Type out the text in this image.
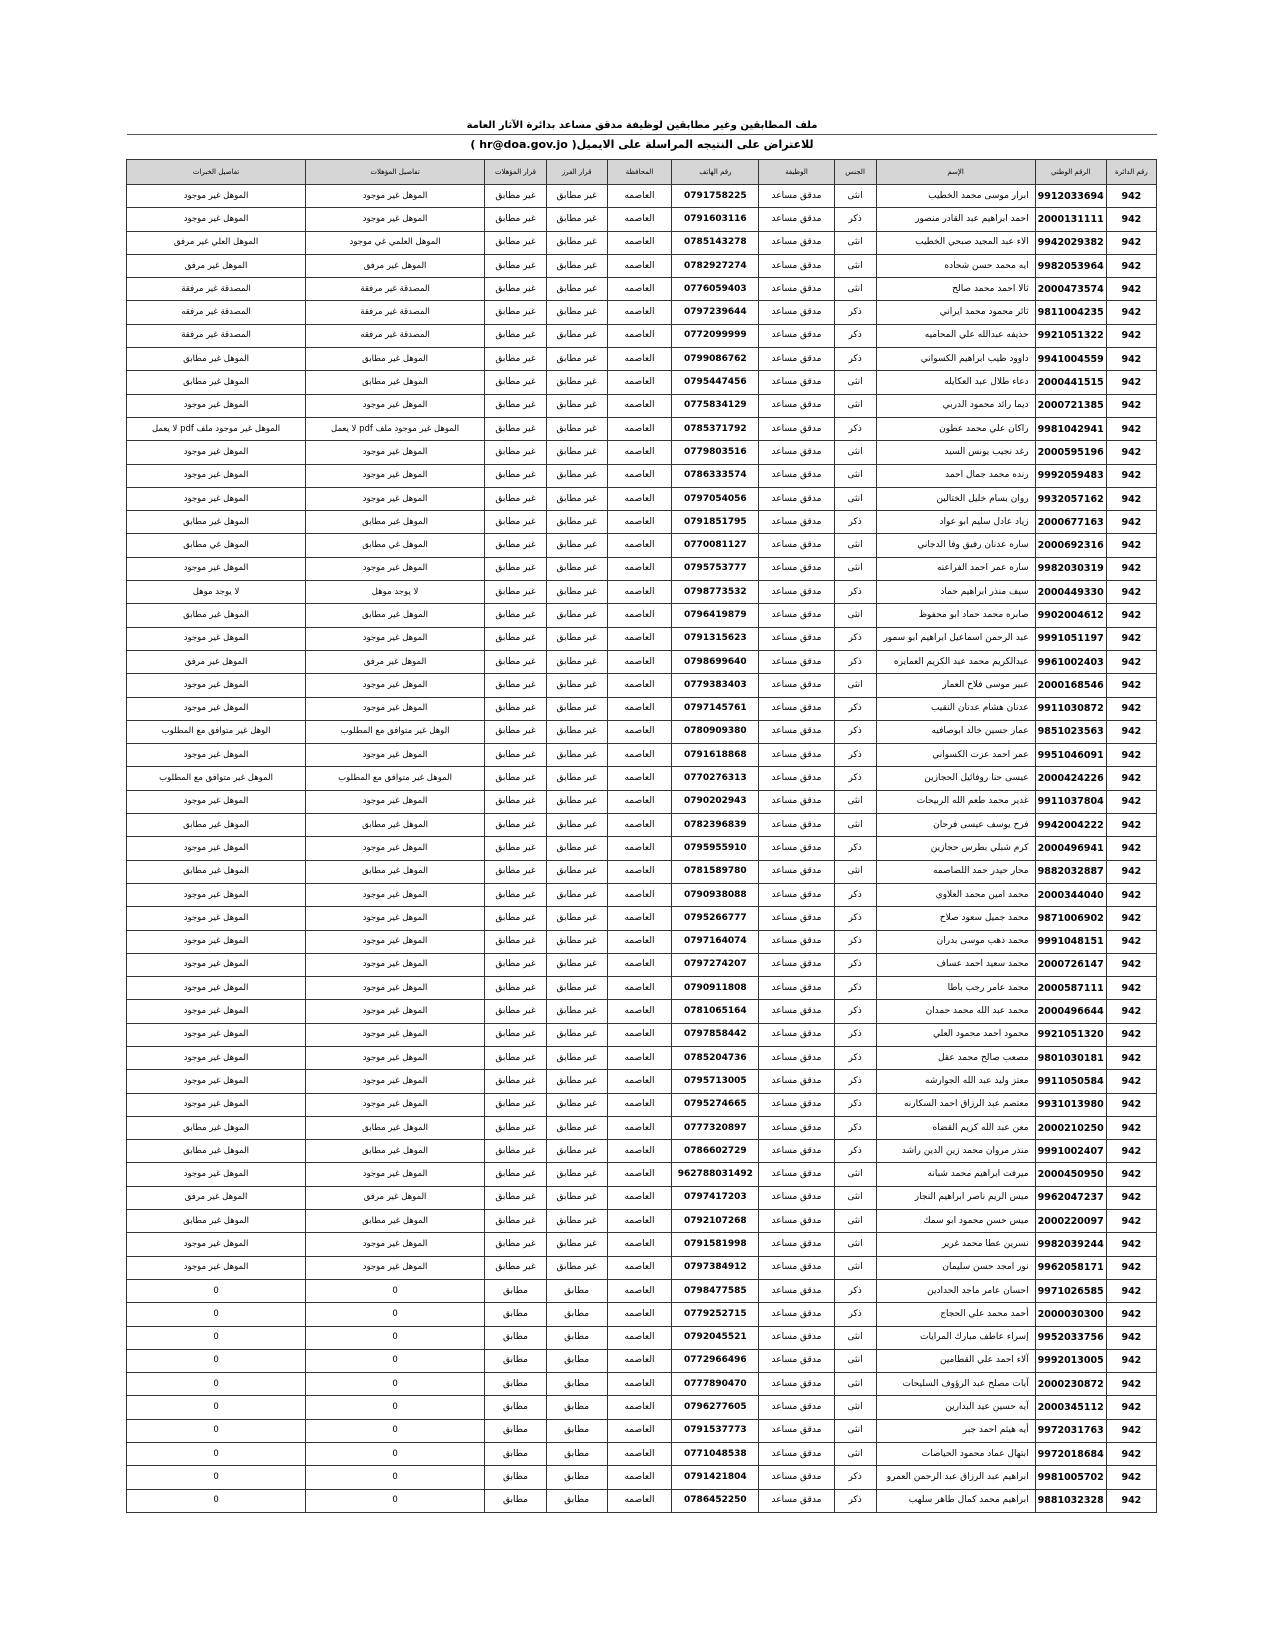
ملف المطابقين وغير مطابقين لوظيفة مدقق مساعد بدائرة الآثار العامة
للاعتراض على النتيجه المراسلة على الايميل( hr@doa.gov.jo )
رقم الدائرة	الرقم الوطني	الإسم	الجنس	الوظيفة	رقم الهاتف	المحافظة	قرار الفرز	قرار المؤهلات	تفاصيل المؤهلات	تفاصيل الخبرات
942	9912033694	ابرار موسى محمد الخطيب	انثى	مدقق مساعد	0791758225	العاصمه	غير مطابق	غير مطابق	الموهل غير موجود	الموهل غير موجود
942	2000131111	احمد ابراهيم عبد القادر منصور	ذكر	مدقق مساعد	0791603116	العاصمه	غير مطابق	غير مطابق	الموهل غير موجود	الموهل غير موجود
942	9942029382	الاء عبد المجيد صبحي الخطيب	انثى	مدقق مساعد	0785143278	العاصمه	غير مطابق	غير مطابق	الموهل العلمي غي موجود	الموهل العلي غير مرفق
942	9982053964	ايه محمد حسن شحاده	انثى	مدقق مساعد	0782927274	العاصمه	غير مطابق	غير مطابق	الموهل غير مرفق	الموهل غير مرفق
942	2000473574	ثالا احمد محمد صالح	انثى	مدقق مساعد	0776059403	العاصمه	غير مطابق	غير مطابق	المصدقة غير مرفقة	المصدقة غير مرفقة
942	9811004235	ثائر محمود محمد ايراني	ذكر	مدقق مساعد	0797239644	العاصمه	غير مطابق	غير مطابق	المصدقة غير مرفقة	المصدقة غير مرفقه
942	9921051322	حذيفه عبدالله علي المحاميه	ذكر	مدقق مساعد	0772099999	العاصمه	غير مطابق	غير مطابق	المصدقة غير مرفقه	المصدقة غير مرفقة
942	9941004559	داوود طيب ابراهيم الكسواني	ذكر	مدقق مساعد	0799086762	العاصمه	غير مطابق	غير مطابق	الموهل غير مطابق	الموهل غير مطابق
942	2000441515	دعاء طلال عبد العكايله	انثى	مدقق مساعد	0795447456	العاصمه	غير مطابق	غير مطابق	الموهل غير مطابق	الموهل غير مطابق
942	2000721385	ديما رائد محمود الدربي	انثى	مدقق مساعد	0775834129	العاصمه	غير مطابق	غير مطابق	الموهل غير موجود	الموهل غير موجود
942	9981042941	راكان علي محمد عطون	ذكر	مدقق مساعد	0785371792	العاصمه	غير مطابق	غير مطابق	الموهل غير موجود ملف pdf لا يعمل	الموهل غير موجود ملف pdf لا يعمل
942	2000595196	رغد نجيب يونس السيد	انثى	مدقق مساعد	0779803516	العاصمه	غير مطابق	غير مطابق	الموهل غير موجود	الموهل غير موجود
942	9992059483	رنده محمد جمال احمد	انثى	مدقق مساعد	0786333574	العاصمه	غير مطابق	غير مطابق	الموهل غير موجود	الموهل غير موجود
942	9932057162	روان بسام خليل الختالين	انثى	مدقق مساعد	0797054056	العاصمه	غير مطابق	غير مطابق	الموهل غير موجود	الموهل غير موجود
942	2000677163	زياد عادل سليم ابو عواد	ذكر	مدقق مساعد	0791851795	العاصمه	غير مطابق	غير مطابق	الموهل غير مطابق	الموهل غير مطابق
942	2000692316	ساره عدنان رفيق وفا الدجاني	انثى	مدقق مساعد	0770081127	العاصمه	غير مطابق	غير مطابق	الموهل غي مطابق	الموهل غي مطابق
942	9982030319	ساره عمر احمد الفراعنه	انثى	مدقق مساعد	0795753777	العاصمه	غير مطابق	غير مطابق	الموهل غير موجود	الموهل غير موجود
942	2000449330	سيف منذر ابراهيم حماد	ذكر	مدقق مساعد	0798773532	العاصمه	غير مطابق	غير مطابق	لا يوجد موهل	لا يوجد موهل
942	9902004612	صابره محمد حماد ابو محفوظ	انثى	مدقق مساعد	0796419879	العاصمه	غير مطابق	غير مطابق	الموهل غير مطابق	الموهل غير مطابق
942	9991051197	عبد الرحمن اسماعيل ابراهيم ابو سمور	ذكر	مدقق مساعد	0791315623	العاصمه	غير مطابق	غير مطابق	الموهل غير موجود	الموهل غير موجود
942	9961002403	عبدالكريم محمد عبد الكريم العمايره	ذكر	مدقق مساعد	0798699640	العاصمه	غير مطابق	غير مطابق	الموهل غير مرفق	الموهل غير مرفق
942	2000168546	عبير موسى فلاح العمار	انثى	مدقق مساعد	0779383403	العاصمه	غير مطابق	غير مطابق	الموهل غير موجود	الموهل غير موجود
942	9911030872	عدنان هشام عدنان النقيب	ذكر	مدقق مساعد	0797145761	العاصمه	غير مطابق	غير مطابق	الموهل غير موجود	الموهل غير موجود
942	9851023563	عمار حسين خالد ابوصافيه	ذكر	مدقق مساعد	0780909380	العاصمه	غير مطابق	غير مطابق	الوهل غير متوافق مع المطلوب	الوهل غير متوافق مع المطلوب
942	9951046091	عمر احمد عزت الكسواني	ذكر	مدقق مساعد	0791618868	العاصمه	غير مطابق	غير مطابق	الموهل غير موجود	الموهل غير موجود
942	2000424226	عيسى حنا روفائيل الحجازين	ذكر	مدقق مساعد	0770276313	العاصمه	غير مطابق	غير مطابق	الموهل غير متوافق مع المطلوب	الموهل غير متوافق مع المطلوب
942	9911037804	غدير محمد طعم الله الربيحات	انثى	مدقق مساعد	0790202943	العاصمه	غير مطابق	غير مطابق	الموهل غير موجود	الموهل غير موجود
942	9942004222	فرح يوسف عيسى فرحان	انثى	مدقق مساعد	0782396839	العاصمه	غير مطابق	غير مطابق	الموهل غير مطابق	الموهل غير مطابق
942	2000496941	كرم شبلي بطرس حجازين	ذكر	مدقق مساعد	0795955910	العاصمه	غير مطابق	غير مطابق	الموهل غير موجود	الموهل غير موجود
942	9882032887	محار حيدر حمد اللصاصمه	انثى	مدقق مساعد	0781589780	العاصمه	غير مطابق	غير مطابق	الموهل غير مطابق	الموهل غير مطابق
942	2000344040	محمد امين محمد العلاوي	ذكر	مدقق مساعد	0790938088	العاصمه	غير مطابق	غير مطابق	الموهل غير موجود	الموهل غير موجود
942	9871006902	محمد جميل سعود صلاح	ذكر	مدقق مساعد	0795266777	العاصمه	غير مطابق	غير مطابق	الموهل غير موجود	الموهل غير موجود
942	9991048151	محمد ذهب موسى بدران	ذكر	مدقق مساعد	0797164074	العاصمه	غير مطابق	غير مطابق	الموهل غير موجود	الموهل غير موجود
942	2000726147	محمد سعيد احمد عساف	ذكر	مدقق مساعد	0797274207	العاصمه	غير مطابق	غير مطابق	الموهل غير موجود	الموهل غير موجود
942	2000587111	محمد عامر رجب باطا	ذكر	مدقق مساعد	0790911808	العاصمه	غير مطابق	غير مطابق	الموهل غير موجود	الموهل غير موجود
942	2000496644	محمد عبد الله محمد حمدان	ذكر	مدقق مساعد	0781065164	العاصمه	غير مطابق	غير مطابق	الموهل غير موجود	الموهل غير موجود
942	9921051320	محمود احمد محمود العلي	ذكر	مدقق مساعد	0797858442	العاصمه	غير مطابق	غير مطابق	الموهل غير موجود	الموهل غير موجود
942	9801030181	مصعب صالح محمد عقل	ذكر	مدقق مساعد	0785204736	العاصمه	غير مطابق	غير مطابق	الموهل غير موجود	الموهل غير موجود
942	9911050584	معتز وليد عبد الله الجوارشه	ذكر	مدقق مساعد	0795713005	العاصمه	غير مطابق	غير مطابق	الموهل غير موجود	الموهل غير موجود
942	9931013980	معتصم عبد الرزاق احمد السكارنه	ذكر	مدقق مساعد	0795274665	العاصمه	غير مطابق	غير مطابق	الموهل غير موجود	الموهل غير موجود
942	2000210250	معن عبد الله كريم القضاه	ذكر	مدقق مساعد	0777320897	العاصمه	غير مطابق	غير مطابق	الموهل غير مطابق	الموهل غير مطابق
942	9991002407	منذر مروان محمد زين الدين راشد	ذكر	مدقق مساعد	0786602729	العاصمه	غير مطابق	غير مطابق	الموهل غير مطابق	الموهل غير مطابق
942	2000450950	ميرفت ابراهيم محمد شبانه	انثى	مدقق مساعد	962788031492	العاصمه	غير مطابق	غير مطابق	الموهل غير موجود	الموهل غير موجود
942	9962047237	ميس الريم ناصر ابراهيم النجار	انثى	مدقق مساعد	0797417203	العاصمه	غير مطابق	غير مطابق	الموهل غير مرفق	الموهل غير مرفق
942	2000220097	ميس حسن محمود ابو سمك	انثى	مدقق مساعد	0792107268	العاصمه	غير مطابق	غير مطابق	الموهل غير مطابق	الموهل غير مطابق
942	9982039244	نسرين عطا محمد غرير	انثى	مدقق مساعد	0791581998	العاصمه	غير مطابق	غير مطابق	الموهل غير موجود	الموهل غير موجود
942	9962058171	نور امجد حسن سليمان	انثى	مدقق مساعد	0797384912	العاصمه	غير مطابق	غير مطابق	الموهل غير موجود	الموهل غير موجود
942	9971026585	احسان عامر ماجد الحدادين	ذكر	مدقق مساعد	0798477585	العاصمه	مطابق	مطابق	0	0
942	2000030300	أحمد محمد علي الحجاج	ذكر	مدقق مساعد	0779252715	العاصمه	مطابق	مطابق	0	0
942	9952033756	إسراء عاطف مبارك المرايات	انثى	مدقق مساعد	0792045521	العاصمه	مطابق	مطابق	0	0
942	9992013005	آلاء احمد علي القطامين	انثى	مدقق مساعد	0772966496	العاصمه	مطابق	مطابق	0	0
942	2000230872	آيات مصلح عبد الرؤوف السليحات	انثى	مدقق مساعد	0777890470	العاصمه	مطابق	مطابق	0	0
942	2000345112	آيه حسين عيد البدارين	انثى	مدقق مساعد	0796277605	العاصمه	مطابق	مطابق	0	0
942	9972031763	أيه هيثم احمد جبر	انثى	مدقق مساعد	0791537773	العاصمه	مطابق	مطابق	0	0
942	9972018684	ابتهال عماد محمود الحياصات	انثى	مدقق مساعد	0771048538	العاصمه	مطابق	مطابق	0	0
942	9981005702	ابراهيم عبد الرزاق عبد الرحمن العمرو	ذكر	مدقق مساعد	0791421804	العاصمه	مطابق	مطابق	0	0
942	9881032328	ابراهيم محمد كمال طاهر سلهب	ذكر	مدقق مساعد	0786452250	العاصمه	مطابق	مطابق	0	0
